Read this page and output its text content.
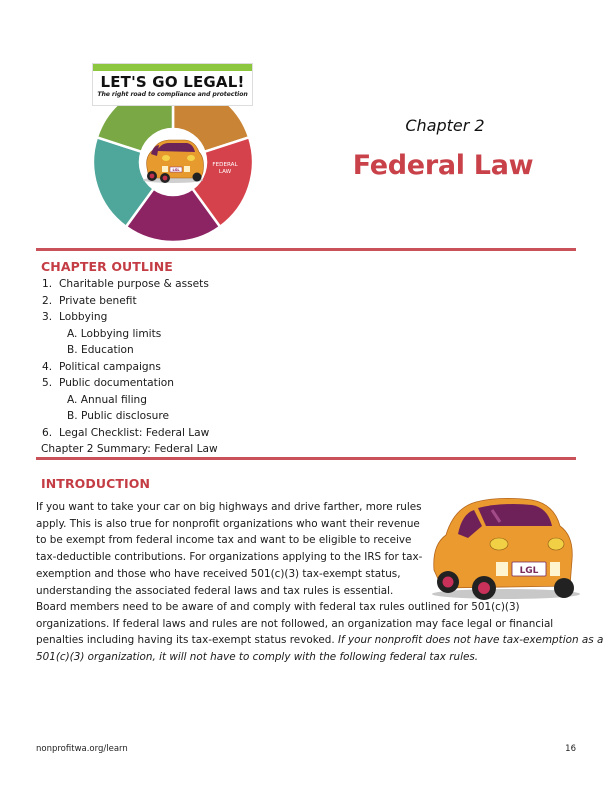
LET'S GO LEGAL!
The right road to compliance and protection
FEDERAL
LAW
LGL
Chapter 2
Federal Law
CHAPTER OUTLINE
1. Charitable purpose & assets
2. Private benefit
3. Lobbying
A. Lobbying limits
B. Education
4. Political campaigns
5. Public documentation
A. Annual filing
B. Public disclosure
6. Legal Checklist: Federal Law
Chapter 2 Summary: Federal Law
INTRODUCTION
If you want to take your car on big highways and drive farther, more rules
apply. This is also true for nonprofit organizations who want their revenue
to be exempt from federal income tax and want to be eligible to receive
tax-deductible contributions. For organizations applying to the IRS for tax-
exemption and those who have received 501(c)(3) tax-exempt status,
understanding the associated federal laws and tax rules is essential.
Board members need to be aware of and comply with federal tax rules outlined for 501(c)(3)
organizations. If federal laws and rules are not followed, an organization may face legal or financial
penalties including having its tax-exempt status revoked. If your nonprofit does not have tax-exemption as a
501(c)(3) organization, it will not have to comply with the following federal tax rules.
LGL
nonprofitwa.org/learn	16
